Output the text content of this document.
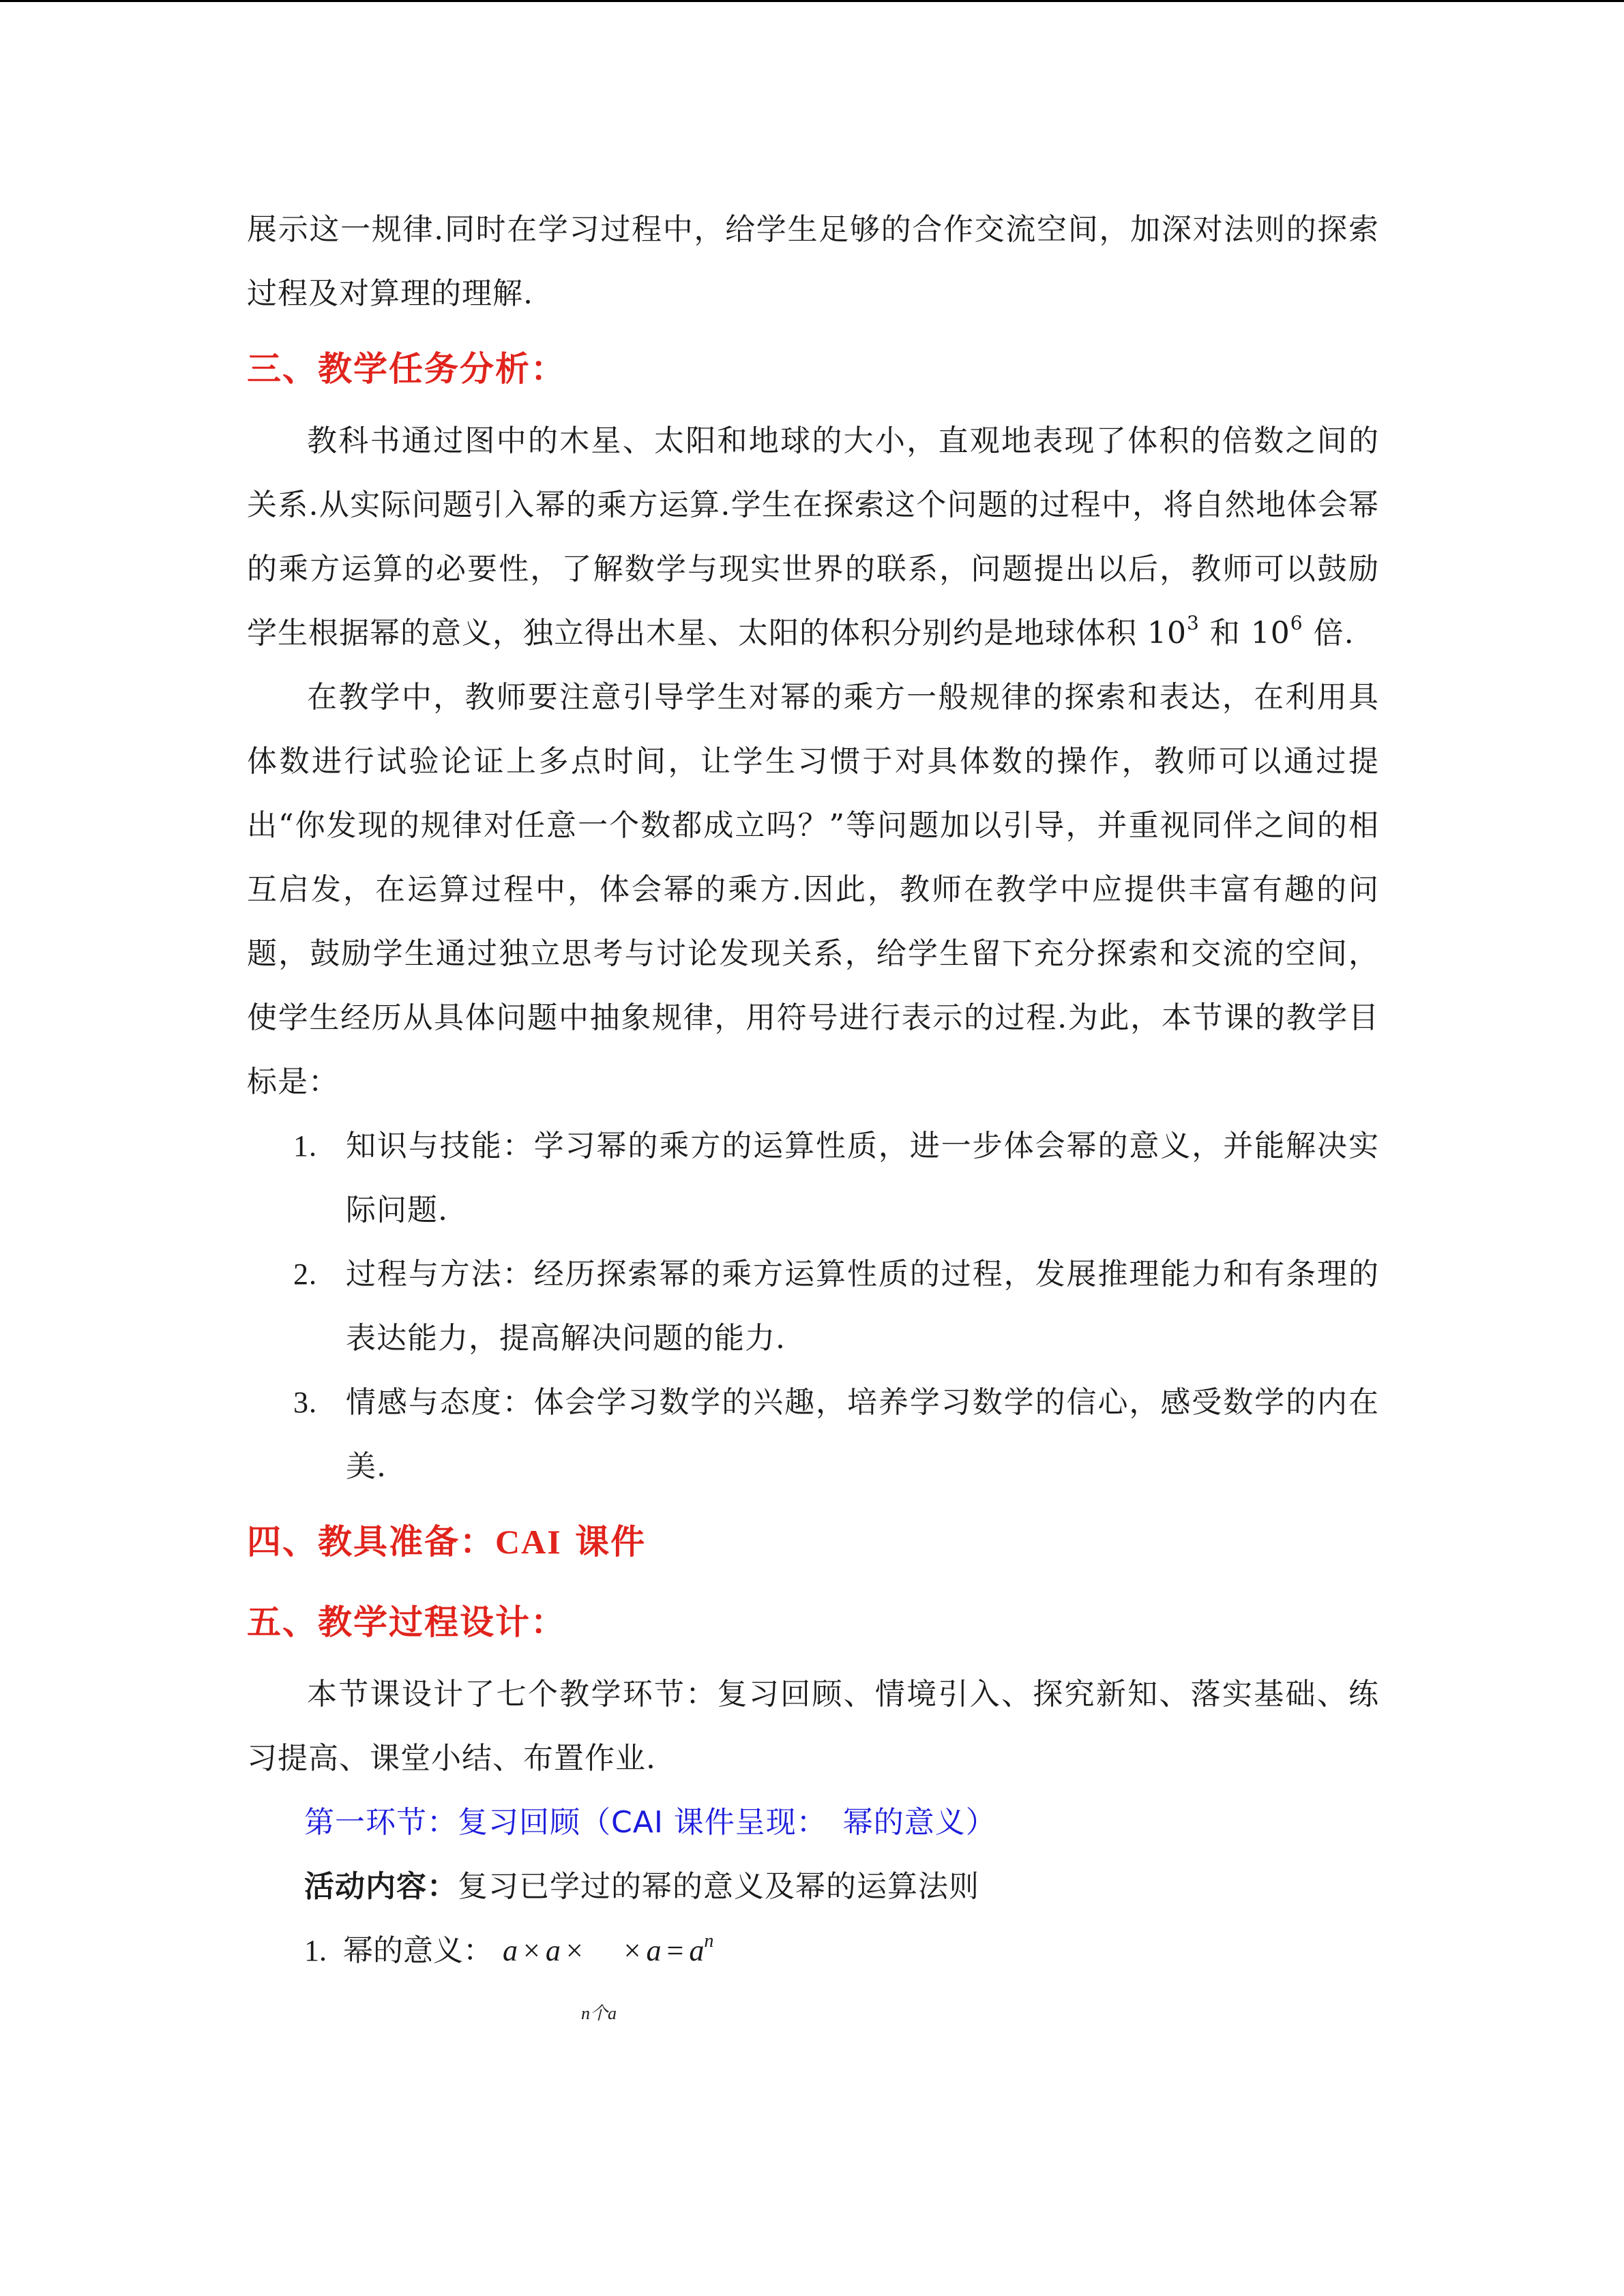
展示这一规律.同时在学习过程中，给学生足够的合作交流空间，加深对法则的探索过程及对算理的理解.

三、教学任务分析：

教科书通过图中的木星、太阳和地球的大小，直观地表现了体积的倍数之间的关系.从实际问题引入幂的乘方运算.学生在探索这个问题的过程中，将自然地体会幂的乘方运算的必要性，了解数学与现实世界的联系，问题提出以后，教师可以鼓励学生根据幂的意义，独立得出木星、太阳的体积分别约是地球体积 $10^3$ 和 $10^6$ 倍.

在教学中，教师要注意引导学生对幂的乘方一般规律的探索和表达，在利用具体数进行试验论证上多点时间，让学生习惯于对具体数的操作，教师可以通过提出“你发现的规律对任意一个数都成立吗？”等问题加以引导，并重视同伴之间的相互启发，在运算过程中，体会幂的乘方.因此，教师在教学中应提供丰富有趣的问题，鼓励学生通过独立思考与讨论发现关系，给学生留下充分探索和交流的空间，使学生经历从具体问题中抽象规律，用符号进行表示的过程.为此，本节课的教学目标是：

1. 知识与技能：学习幂的乘方的运算性质，进一步体会幂的意义，并能解决实际问题.
2. 过程与方法：经历探索幂的乘方运算性质的过程，发展推理能力和有条理的表达能力，提高解决问题的能力.
3. 情感与态度：体会学习数学的兴趣，培养学习数学的信心，感受数学的内在美.
四、教具准备：CAI 课件
五、教学过程设计：

本节课设计了七个教学环节：复习回顾、情境引入、探究新知、落实基础、练习提高、课堂小结、布置作业.

第一环节：复习回顾（CAI 课件呈现：　幂的意义）

活动内容：复习已学过的幂的意义及幂的运算法则

1. 幂的意义： a × a ×  × $a = a^n$
n个a
